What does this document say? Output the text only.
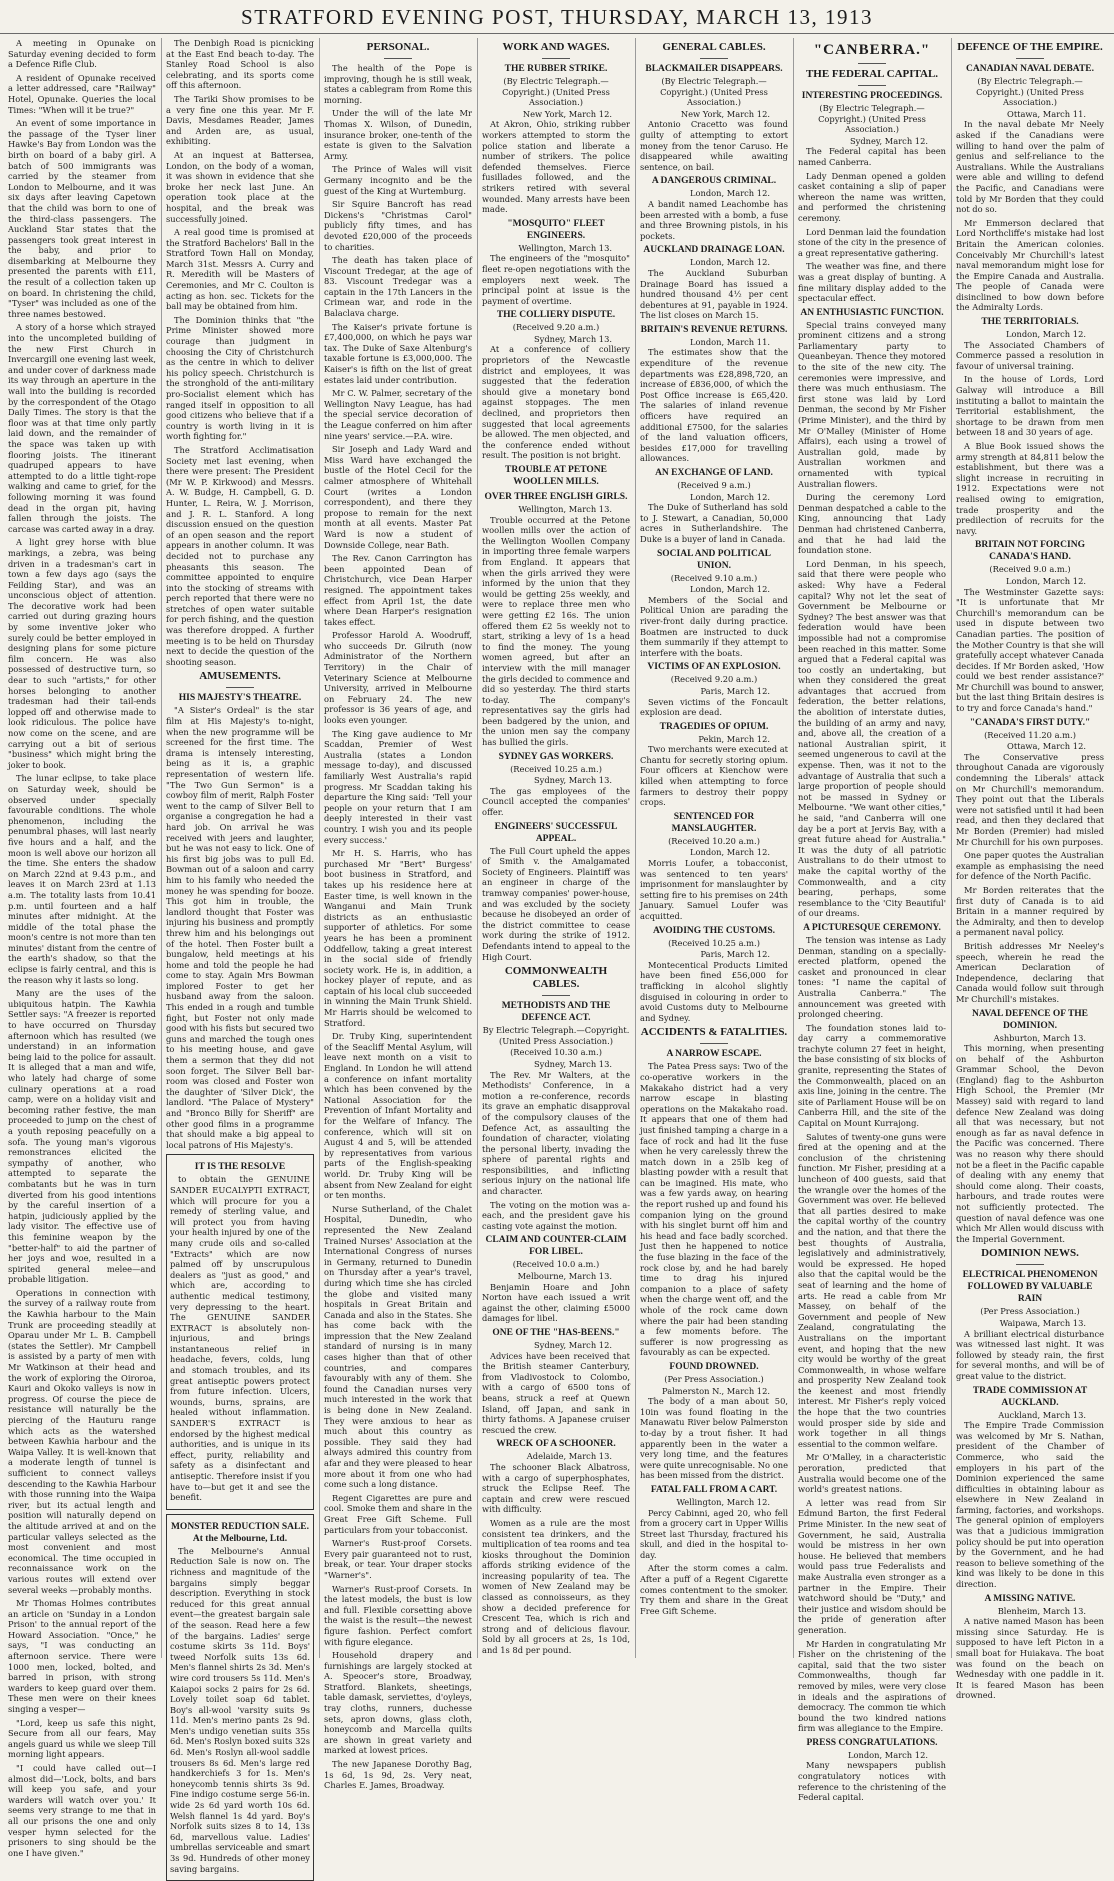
STRATFORD EVENING POST, THURSDAY, MARCH 13, 1913

A meeting in Opunake on Saturday evening decided to form a Defence Rifle Club.

A resident of Opunake received a letter addressed, care "Railway" Hotel, Opunake. Queries the local Times: "When will it be true?"

An event of some importance in the passage of the Tyser liner Hawke's Bay from London was the birth on board of a baby girl. A batch of 500 immigrants was carried by the steamer from London to Melbourne, and it was six days after leaving Capetown that the child was born to one of the third-class passengers. The Auckland Star states that the passengers took great interest in the baby, and prior to disembarking at Melbourne they presented the parents with £11, the result of a collection taken up on board. In christening the child, "Tyser" was included as one of the three names bestowed.

A story of a horse which strayed into the uncompleted building of the new First Church in Invercargill one evening last week, and under cover of darkness made its way through an aperture in the wall into the building is recorded by the correspondent of the Otago Daily Times. The story is that the floor was at that time only partly laid down, and the remainder of the space was taken up with flooring joists. The itinerant quadruped appears to have attempted to do a little tight-rope walking and came to grief, for the following morning it was found dead in the organ pit, having fallen through the joists. The carcase was carted away in a dray.

A light grey horse with blue markings, a zebra, was being driven in a tradesman's cart in town a few days ago (says the Feilding Star), and was an unconscious object of attention. The decorative work had been carried out during grazing hours by some inventive joker who surely could be better employed in designing plans for some picture film concern. He was also possessed of destructive turn, so dear to such "artists," for other horses belonging to another tradesman had their tail-ends lopped off and otherwise made to look ridiculous. The police have now come on the scene, and are carrying out a bit of serious "business" which might bring the joker to book.

The lunar eclipse, to take place on Saturday week, should be observed under specially favourable conditions. The whole phenomenon, including the penumbral phases, will last nearly five hours and a half, and the moon is well above our horizon all the time. She enters the shadow on March 22nd at 9.43 p.m., and leaves it on March 23rd at 1.13 a.m. The totality lasts from 10.41 p.m. until fourteen and a half minutes after midnight. At the middle of the total phase the moon's centre is not more than ten minutes' distant from the centre of the earth's shadow, so that the eclipse is fairly central, and this is the reason why it lasts so long.

Many are the uses of the ubiquitous hatpin. The Kawhia Settler says: "A freezer is reported to have occurred on Thursday afternoon which has resulted (we understand) in an information being laid to the police for assault. It is alleged that a man and wife, who lately had charge of some culinary operations at a road camp, were on a holiday visit and becoming rather festive, the man proceeded to jump on the chest of a youth reposing peacefully on a sofa. The young man's vigorous remonstrances elicited the sympathy of another, who attempted to separate the combatants but he was in turn diverted from his good intentions by the careful insertion of a hatpin, judiciously applied by the lady visitor. The effective use of this feminine weapon by the "better-half" to aid the partner of her joys and woe, resulted in a spirited general melee—and probable litigation.

Operations in connection with the survey of a railway route from the Kawhia harbour to the Main Trunk are proceeding steadily at Oparau under Mr L. B. Campbell (states the Settler). Mr Campbell is assisted by a party of men with Mr Watkinson at their head and the work of exploring the Oiroroa, Kauri and Okoko valleys is now in progress. Of course the piece de resistance will naturally be the piercing of the Hauturu range which acts as the watershed between Kawhia harbour and the Waipa Valley. It is well-known that a moderate length of tunnel is sufficient to connect valleys descending to the Kawhia Harbour with those running into the Waipa river, but its actual length and position will naturally depend on the altitude arrived at and on the particular valleys selected as the most convenient and most economical. The time occupied in reconnaissance work on the various routes will extend over several weeks —probably months.

Mr Thomas Holmes contributes an article on 'Sunday in a London Prison' to the annual report of the Howard Association. "Once," he says, "I was conducting an afternoon service. There were 1000 men, locked, bolted, and barred in prison, with strong warders to keep guard over them. These men were on their knees singing a vesper—

"Lord, keep us safe this night, Secure from all our fears, May angels guard us while we sleep Till morning light appears.

"I could have called out—I almost did—'Lock, bolts, and bars will keep you safe, and your warders will watch over you.' It seems very strange to me that in all our prisons the one and only vesper hymn selected for the prisoners to sing should be the one I have given."

The Denbigh Road is picnicking at the East End beach to-day. The Stanley Road School is also celebrating, and its sports come off this afternoon.

The Tariki Show promises to be a very fine one this year. Mr F. Davis, Mesdames Reader, James and Arden are, as usual, exhibiting.

At an inquest at Battersea, London, on the body of a woman, it was shown in evidence that she broke her neck last June. An operation took place at the hospital, and the break was successfully joined.

A real good time is promised at the Stratford Bachelors' Ball in the Stratford Town Hall on Monday, March 31st. Messrs A. Curry and R. Meredith will be Masters of Ceremonies, and Mr C. Coulton is acting as hon. sec. Tickets for the ball may be obtained from him.

The Dominion thinks that "the Prime Minister showed more courage than judgment in choosing the City of Christchurch as the centre in which to deliver his policy speech. Christchurch is the stronghold of the anti-military pro-Socialist element which has ranged itself in opposition to all good citizens who believe that if a country is worth living in it is worth fighting for."

The Stratford Acclimatisation Society met last evening, when there were present: The President (Mr W. P. Kirkwood) and Messrs. A. W. Budge, H. Campbell, G. D. Hunter, L. Reira, W. J. Morrison, and J. R. L. Stanford. A long discussion ensued on the question of an open season and the report appears in another column. It was decided not to purchase any pheasants this season. The committee appointed to enquire into the stocking of streams with perch reported that there were no stretches of open water suitable for perch fishing, and the question was therefore dropped. A further meeting is to be held on Thursday next to decide the question of the shooting season.

AMUSEMENTS.
HIS MAJESTY'S THEATRE.

"A Sister's Ordeal" is the star film at His Majesty's to-night, when the new programme will be screened for the first time. The drama is intensely interesting, being as it is, a graphic representation of western life. "The Two Gun Sermon" is a cowboy film of merit, Ralph Foster went to the camp of Silver Bell to organise a congregation he had a hard job. On arrival he was received with jeers and laughter, but he was not easy to lick. One of his first big jobs was to pull Ed. Bowman out of a saloon and carry him to his family who needed the money he was spending for booze. This got him in trouble, the landlord thought that Foster was injuring his business and promptly threw him and his belongings out of the hotel. Then Foster built a bungalow, held meetings at his home and told the people he had come to stay. Again Mrs Bowman implored Foster to get her husband away from the saloon. This ended in a rough and tumble fight, but Foster not only made good with his fists but secured two guns and marched the tough ones to his meeting house, and gave them a sermon that they did not soon forget. The Silver Bell bar-room was closed and Foster won the daughter of 'Silver Dick', the landlord. "The Palace of Mystery" and "Bronco Billy for Sheriff" are other good films in a programme that should make a big appeal to local patrons of His Majesty's.

IT IS THE RESOLVE

to obtain the GENUINE SANDER EUCALYPTI EXTRACT, which will procure for you a remedy of sterling value, and will protect you from having your health injured by one of the many crude oils and so-called "Extracts" which are now palmed off by unscrupulous dealers as "just as good," and which are, according to authentic medical testimony, very depressing to the heart. The GENUINE SANDER EXTRACT is absolutely non-injurious, and brings instantaneous relief in headache, fevers, colds, lung and stomach troubles, and its great antiseptic powers protect from future infection. Ulcers, wounds, burns, sprains, are healed without inflammation. SANDER'S EXTRACT is endorsed by the highest medical authorities, and is unique in its effect, purity, reliability and safety as a disinfectant and antiseptic. Therefore insist if you have to—but get it and see the benefit.

MONSTER REDUCTION SALE. At the Melbourne, Ltd.

The Melbourne's Annual Reduction Sale is now on. The richness and magnitude of the bargains simply beggar description. Everything in stock reduced for this great annual event—the greatest bargain sale of the season. Read here a few of the bargains. Ladies' serge costume skirts 3s 11d. Boys' tweed Norfolk suits 13s 6d. Men's flannel shirts 2s 3d. Men's wire cord trousers 5s 11d. Men's Kaiapoi socks 2 pairs for 2s 6d. Lovely toilet soap 6d tablet. Boy's all-wool 'varsity suits 9s 11d. Men's merino pants 2s 9d. Men's undigo venetian suits 35s 6d. Men's Roslyn boxed suits 32s 6d. Men's Roslyn all-wool saddle trousers 8s 6d. Men's large red handkerchiefs 3 for 1s. Men's honeycomb tennis shirts 3s 9d. Fine indigo costume serge 56-in. wide 2s 6d yard worth 10s 6d. Welsh flannel 1s 4d yard. Boy's Norfolk suits sizes 8 to 14, 13s 6d, marvellous value. Ladies' umbrellas serviceable and smart 3s 9d. Hundreds of other money saving bargains.

PERSONAL.

The health of the Pope is improving, though he is still weak, states a cablegram from Rome this morning.

Under the will of the late Mr Thomas X. Wilson, of Dunedin, insurance broker, one-tenth of the estate is given to the Salvation Army.

The Prince of Wales will visit Germany incognito and be the guest of the King at Wurtemburg.

Sir Squire Bancroft has read Dickens's "Christmas Carol" publicly fifty times, and has devoted £20,000 of the proceeds to charities.

The death has taken place of Viscount Tredegar, at the age of 83. Viscount Tredegar was a captain in the 17th Lancers in the Crimean war, and rode in the Balaclava charge.

The Kaiser's private fortune is £7,400,000, on which he pays war tax. The Duke of Saxe Altenburg's taxable fortune is £3,000,000. The Kaiser's is fifth on the list of great estates laid under contribution.

Mr C. W. Palmer, secretary of the Wellington Navy League, has had the special service decoration of the League conferred on him after nine years' service.—P.A. wire.

Sir Joseph and Lady Ward and Miss Ward have exchanged the bustle of the Hotel Cecil for the calmer atmosphere of Whitehall Court (writes a London correspondent), and there they propose to remain for the next month at all events. Master Pat Ward is now a student of Downside College, near Bath.

The Rev. Canon Carrington has been appointed Dean of Christchurch, vice Dean Harper resigned. The appointment takes effect from April 1st, the date where Dean Harper's resignation takes effect.

Professor Harold A. Woodruff, who succeeds Dr. Gilruth (now Administrator of the Northern Territory) in the Chair of Veterinary Science at Melbourne University, arrived in Melbourne on February 24. The new professor is 36 years of age, and looks even younger.

The King gave audience to Mr Scaddan, Premier of West Australia (states a London message to-day), and discussed familiarly West Australia's rapid progress. Mr Scaddan taking his departure the King said: 'Tell your people on your return that I am deeply interested in their vast country. I wish you and its people every success.'

Mr H. S. Harris, who has purchased Mr "Bert" Burgess' boot business in Stratford, and takes up his residence here at Easter time, is well known in the Wanganui and Main Trunk districts as an enthusiastic supporter of athletics. For some years he has been a prominent Oddfellow, taking a great interest in the social side of friendly society work. He is, in addition, a hockey player of repute, and as captain of his local club succeeded in winning the Main Trunk Shield. Mr Harris should be welcomed to Stratford.

Dr. Truby King, superintendent of the Seacliff Mental Asylum, will leave next month on a visit to England. In London he will attend a conference on infant mortality which has been convened by the National Association for the Prevention of Infant Mortality and for the Welfare of Infancy. The conference, which will sit on August 4 and 5, will be attended by representatives from various parts of the English-speaking world. Dr. Truby King will be absent from New Zealand for eight or ten months.

Nurse Sutherland, of the Chalet Hospital, Dunedin, who represented the New Zealand Trained Nurses' Association at the International Congress of nurses in Germany, returned to Dunedin on Thursday after a year's travel, during which time she has circled the globe and visited many hospitals in Great Britain and Canada and also in the States. She has come back with the impression that the New Zealand standard of nursing is in many cases higher than that of other countries, and compares favourably with any of them. She found the Canadian nurses very much interested in the work that is being done in New Zealand. They were anxious to hear as much about this country as possible. They said they had always admired this country from afar and they were pleased to hear more about it from one who had come such a long distance.

Regent Cigarettes are pure and cool. Smoke them and share in the Great Free Gift Scheme. Full particulars from your tobacconist.

Warner's Rust-proof Corsets. Every pair guaranteed not to rust, break, or tear. Your draper stocks "Warner's".

Warner's Rust-proof Corsets. In the latest models, the bust is low and full. Flexible corsetting above the waist is the result—the newest figure fashion. Perfect comfort with figure elegance.

Household drapery and furnishings are largely stocked at A. Speocer's store, Broadway, Stratford. Blankets, sheetings, table damask, serviettes, d'oyleys, tray cloths, runners, duchesse sets, apron downs, glass cloth, honeycomb and Marcella quilts are shown in great variety and marked at lowest prices.

The new Japanese Dorothy Bag, 1s 6d, 1s 9d, 2s. Very neat, Charles E. James, Broadway.

WORK AND WAGES.
THE RUBBER STRIKE.
(By Electric Telegraph.—Copyright.) (United Press Association.)
New York, March 12.

At Akron, Ohio, striking rubber workers attempted to storm the police station and liberate a number of strikers. The police defended themselves. Fierce fusillades followed, and the strikers retired with several wounded. Many arrests have been made.

"MOSQUITO" FLEET ENGINEERS.
Wellington, March 13.

The engineers of the "mosquito" fleet re-open negotiations with the employers next week. The principal point at issue is the payment of overtime.

THE COLLIERY DISPUTE.
(Received 9.20 a.m.)
Sydney, March 13.

At a conference of colliery proprietors of the Newcastle district and employees, it was suggested that the federation should give a monetary bond against stoppages. The men declined, and proprietors then suggested that local agreements be allowed. The men objected, and the conference ended without result. The position is not bright.

TROUBLE AT PETONE WOOLLEN MILLS.
OVER THREE ENGLISH GIRLS.
Wellington, March 13.

Trouble occurred at the Petone woollen mills over the action of the Wellington Woollen Company in importing three female warpers from England. It appears that when the girls arrived they were informed by the union that they would be getting 25s weekly, and were to replace three men who were getting £2 16s. The union offered them £2 5s weekly not to start, striking a levy of 1s a head to find the money. The young women agreed, but after an interview with the mill manager the girls decided to commence and did so yesterday. The third starts to-day. The company's representatives say the girls had been badgered by the union, and the union men say the company has bullied the girls.

SYDNEY GAS WORKERS.
(Received 10.25 a.m.)
Sydney, March 13.

The gas employees of the Council accepted the companies' offer.

ENGINEERS' SUCCESSFUL APPEAL.

The Full Court upheld the appes of Smith v. the Amalgamated Society of Engineers. Plaintiff was an engineer in charge of the tramway companies' power-house, and was excluded by the society because he disobeyed an order of the district committee to cease work during the strike of 1912. Defendants intend to appeal to the High Court.

COMMONWEALTH CABLES.
METHODISTS AND THE DEFENCE ACT.
By Electric Telegraph.—Copyright. (United Press Association.)
(Received 10.30 a.m.)
Sydney, March 13.

The Rev. Mr Walters, at the Methodists' Conference, in a motion a re-conference, records its grave an emphatic disapproval of the compulsory clauses of the Defence Act, as assaulting the foundation of character, violating the personal liberty, invading the sphere of parental rights and responsibilities, and inflicting serious injury on the national life and character.

The voting on the motion was a-each, and the president gave his casting vote against the motion.

CLAIM AND COUNTER-CLAIM FOR LIBEL.
(Received 10.0 a.m.)
Melbourne, March 13.

Benjamin Hoare and John Norton have each issued a writ against the other, claiming £5000 damages for libel.

ONE OF THE "HAS-BEENS."
Sydney, March 12.

Advices have been received that the British steamer Canterbury, from Vladivostock to Colombo, with a cargo of 6500 tons of beans, struck a reef at Quewn Island, off Japan, and sank in thirty fathoms. A Japanese cruiser rescued the crew.

WRECK OF A SCHOONER.
Adelaide, March 13.

The schooner Black Albatross, with a cargo of superphosphates, struck the Eclipse Reef. The captain and crew were rescued with difficulty.

Women as a rule are the most consistent tea drinkers, and the multiplication of tea rooms and tea kiosks throughout the Dominion affords striking evidence of the increasing popularity of tea. The women of New Zealand may be classed as connoisseurs, as they show a decided preference for Crescent Tea, which is rich and strong and of delicious flavour. Sold by all grocers at 2s, 1s 10d, and 1s 8d per pound.

GENERAL CABLES.
BLACKMAILER DISAPPEARS.
(By Electric Telegraph.—Copyright.) (United Press Association.)
New York, March 12.

Antonio Cracetto was found guilty of attempting to extort money from the tenor Caruso. He disappeared while awaiting sentence, on bail.

A DANGEROUS CRIMINAL.
London, March 12.

A bandit named Leachombe has been arrested with a bomb, a fuse and three Browning pistols, in his pockets.

AUCKLAND DRAINAGE LOAN.
London, March 12.

The Auckland Suburban Drainage Board has issued a hundred thousand 4½ per cent debentures at 91, payable in 1924. The list closes on March 15.

BRITAIN'S REVENUE RETURNS.
London, March 11.

The estimates show that the expenditure of the revenue departments was £28,898,720, an increase of £836,000, of which the Post Office increase is £65,420. The salaries of inland revenue officers have required an additional £7500, for the salaries of the land valuation officers, besides £17,000 for travelling allowances.

AN EXCHANGE OF LAND.
(Received 9 a.m.)
London, March 12.

The Duke of Sutherland has sold to J. Stewart, a Canadian, 50,000 acres in Sutherlandshire. The Duke is a buyer of land in Canada.

SOCIAL AND POLITICAL UNION.
(Received 9.10 a.m.)
London, March 12.

Members of the Social and Political Union are parading the river-front daily during practice. Boatmen are instructed to duck them summarily if they attempt to interfere with the boats.

VICTIMS OF AN EXPLOSION.
(Received 9.20 a.m.)
Paris, March 12.

Seven victims of the Foncault explosion are dead.

TRAGEDIES OF OPIUM.
Pekin, March 12.

Two merchants were executed at Chantu for secretly storing opium. Four officers at Kienchow were killed when attempting to force farmers to destroy their poppy crops.

SENTENCED FOR MANSLAUGHTER.
(Received 10.20 a.m.)
London, March 12.

Morris Loufer, a tobacconist, was sentenced to ten years' imprisonment for manslaughter by setting fire to his premises on 24th January. Samuel Loufer was acquitted.

AVOIDING THE CUSTOMS.
(Received 10.25 a.m.)
Paris, March 12.

Montecentical Products Limited have been fined £56,000 for trafficking in alcohol slightly disguised in colouring in order to avoid Customs duty to Melbourne and Sydney.

ACCIDENTS & FATALITIES.
A NARROW ESCAPE.

The Patea Press says: Two of the co-operative workers in the Makakaho district had a very narrow escape in blasting operations on the Makakaho road. It appears that one of them had just finished tamping a charge in a face of rock and had lit the fuse when he very carelessly threw the match down in a 25lb keg of blasting powder with a result that can be imagined. His mate, who was a few yards away, on hearing the report rushed up and found his companion lying on the ground with his singlet burnt off him and his head and face badly scorched. Just then he happened to notice the fuse blazing in the face of the rock close by, and he had barely time to drag his injured companion to a place of safety when the charge went off, and the whole of the rock came down where the pair had been standing a few moments before. The sufferer is now progressing as favourably as can be expected.

FOUND DROWNED.
(Per Press Association.)
Palmerston N., March 12.

The body of a man about 50, 10in was found floating in the Manawatu River below Palmerston to-day by a trout fisher. It had apparently been in the water a very long time, and the features were quite unrecognisable. No one has been missed from the district.

FATAL FALL FROM A CART.
Wellington, March 12.

Percy Cabinni, aged 20, who fell from a grocery cart in Upper Willis Street last Thursday, fractured his skull, and died in the hospital to-day.

After the storm comes a calm. After a puff of a Regent Cigarette comes contentment to the smoker. Try them and share in the Great Free Gift Scheme.

"CANBERRA."
THE FEDERAL CAPITAL.
INTERESTING PROCEEDINGS.
(By Electric Telegraph.—Copyright.) (United Press Association.)
Sydney, March 12.

The Federal capital has been named Canberra.

Lady Denman opened a golden casket containing a slip of paper whereon the name was written, and performed the christening ceremony.

Lord Denman laid the foundation stone of the city in the presence of a great representative gathering.

The weather was fine, and there was a great display of bunting. A fine military display added to the spectacular effect.

AN ENTHUSIASTIC FUNCTION.

Special trains conveyed many prominent citizens and a strong Parliamentary party to Queanbeyan. Thence they motored to the site of the new city. The ceremonies were impressive, and there was much enthusiasm. The first stone was laid by Lord Denman, the second by Mr Fisher (Prime Minister), and the third by Mr O'Malley (Minister of Home Affairs), each using a trowel of Australian gold, made by Australian workmen and ornamented with typical Australian flowers.

During the ceremony Lord Denman despatched a cable to the King, announcing that Lady Denman had christened Canberra, and that he had laid the foundation stone.

Lord Denman, in his speech, said that there were people who asked: Why have a Federal capital? Why not let the seat of Government be Melbourne or Sydney? The best answer was that federation would have been impossible had not a compromise been reached in this matter. Some argued that a Federal capital was too costly an undertaking, but when they considered the great advantages that accrued from federation, the better relations, the abolition of interstate duties, the building of an army and navy, and, above all, the creation of a national Australian spirit, it seemed ungenerous to cavil at the expense. Then, was it not to the advantage of Australia that such a large proportion of people should not be massed in Sydney or Melbourne. "We want other cities," he said, "and Canberra will one day be a port at Jervis Bay, with a great future ahead for Australia." It was the duty of all patriotic Australians to do their utmost to make the capital worthy of the Commonwealth, and a city bearing, perhaps, some resemblance to the 'City Beautiful' of our dreams.

A PICTURESQUE CEREMONY.

The tension was intense as Lady Denman, standing on a specially-erected platform, opened the casket and pronounced in clear tones: "I name the capital of Australia Canberra." The announcement was greeted with prolonged cheering.

The foundation stones laid to-day carry a commemorative trachyte column 27 feet in height, the base consisting of six blocks of granite, representing the States of the Commonwealth, placed on an axis line, joining in the centre. The site of Parliament House will be on Canberra Hill, and the site of the Capital on Mount Kurrajong.

Salutes of twenty-one guns were fired at the opening and at the conclusion of the christening function. Mr Fisher, presiding at a luncheon of 400 guests, said that the wrangle over the homes of the Government was over. He believed that all parties desired to make the capital worthy of the country and the nation, and that there the best thoughts of Australia, legislatively and administratively, would be expressed. He hoped also that the capital would be the seat of learning and the home of arts. He read a cable from Mr Massey, on behalf of the Government and people of New Zealand, congratulating the Australians on the important event, and hoping that the new city would be worthy of the great Commonwealth, in whose welfare and prosperity New Zealand took the keenest and most friendly interest. Mr Fisher's reply voiced the hope that the two countries would prosper side by side and work together in all things essential to the common welfare.

Mr O'Malley, in a characteristic peroration, predicted that Australia would become one of the world's greatest nations.

A letter was read from Sir Edmund Barton, the first Federal Prime Minister. In the new seat of Government, he said, Australia would be mistress in her own house. He believed that members would pass true Federalists and make Australia even stronger as a partner in the Empire. Their watchword should be "Duty," and their justice and wisdom should be the pride of generation after generation.

Mr Harden in congratulating Mr Fisher on the christening of the capital, said that the two sister Commonwealths, though far removed by miles, were very close in ideals and the aspirations of democracy. The common tie which bound the two kindred nations firm was allegiance to the Empire.

PRESS CONGRATULATIONS.
London, March 12.

Many newspapers publish congratulatory notices with reference to the christening of the Federal capital.

DEFENCE OF THE EMPIRE.
CANADIAN NAVAL DEBATE.
(By Electric Telegraph.—Copyright.) (United Press Association.)
Ottawa, March 11.

In the naval debate Mr Neely asked if the Canadians were willing to hand over the palm of genius and self-reliance to the Australians. While the Australians were able and willing to defend the Pacific, and Canadians were told by Mr Borden that they could not do so.

Mr Emmerson declared that Lord Northcliffe's mistake had lost Britain the American colonies. Conceivably Mr Churchill's latest naval memorandum might lose for the Empire Canada and Australia. The people of Canada were disinclined to bow down before the Admiralty Lords.

THE TERRITORIALS.
London, March 12.

The Associated Chambers of Commerce passed a resolution in favour of universal training.

In the house of Lords, Lord Galway will introduce a Bill instituting a ballot to maintain the Territorial establishment, the shortage to be drawn from men between 18 and 30 years of age.

A Blue Book issued shows the army strength at 84,811 below the establishment, but there was a slight increase in recruiting in 1912. Expectations were not realised owing to emigration, trade prosperity and the predilection of recruits for the navy.

BRITAIN NOT FORCING CANADA'S HAND.
(Received 9.0 a.m.)
London, March 12.

The Westminster Gazette says: "It is unfortunate that Mr Churchill's memorandum can be used in dispute between two Canadian parties. The position of the Mother Country is that she will gratefully accept whatever Canada decides. If Mr Borden asked, 'How could we best render assistance?' Mr Churchill was bound to answer, but the last thing Britain desires is to try and force Canada's hand."

"CANADA'S FIRST DUTY."
(Received 11.20 a.m.)
Ottawa, March 12.

The Conservative press throughout Canada are vigorously condemning the Liberals' attack on Mr Churchill's memorandum. They point out that the Liberals were not satisfied until it had been read, and then they declared that Mr Borden (Premier) had misled Mr Churchill for his own purposes.

One paper quotes the Australian example as emphasising the need for defence of the North Pacific.

Mr Borden reiterates that the first duty of Canada is to aid Britain in a manner required by the Admiralty, and then to develop a permanent naval policy.

British addresses Mr Neeley's speech, wherein he read the American Declaration of Independence, declaring that Canada would follow suit through Mr Churchill's mistakes.

NAVAL DEFENCE OF THE DOMINION.
Ashburton, March 13.

This morning, when presenting on behalf of the Ashburton Grammar School, the Devon (England) flag to the Ashburton High School, the Premier (Mr Massey) said with regard to land defence New Zealand was doing all that was necessary, but not enough as far as naval defence in the Pacific was concerned. There was no reason why there should not be a fleet in the Pacific capable of dealing with any enemy that should come along. Their coasts, harbours, and trade routes were not sufficiently protected. The question of naval defence was one which Mr Allen would discuss with the Imperial Government.

DOMINION NEWS.
ELECTRICAL PHENOMENON FOLLOWED BY VALUABLE RAIN
(Per Press Association.)
Waipawa, March 13.

A brilliant electrical disturbance was witnessed last night. It was followed by steady rain, the first for several months, and will be of great value to the district.

TRADE COMMISSION AT AUCKLAND.
Auckland, March 13.

The Empire Trade Commission was welcomed by Mr S. Nathan, president of the Chamber of Commerce, who said the employers in his part of the Dominion experienced the same difficulties in obtaining labour as elsewhere in New Zealand in farming, factories, and workshops. The general opinion of employers was that a judicious immigration policy should be put into operation by the Government, and he had reason to believe something of the kind was likely to be done in this direction.

A MISSING NATIVE.
Blenheim, March 13.

A native named Mason has been missing since Saturday. He is supposed to have left Picton in a small boat for Huiakava. The boat was found on the beach on Wednesday with one paddle in it. It is feared Mason has been drowned.
